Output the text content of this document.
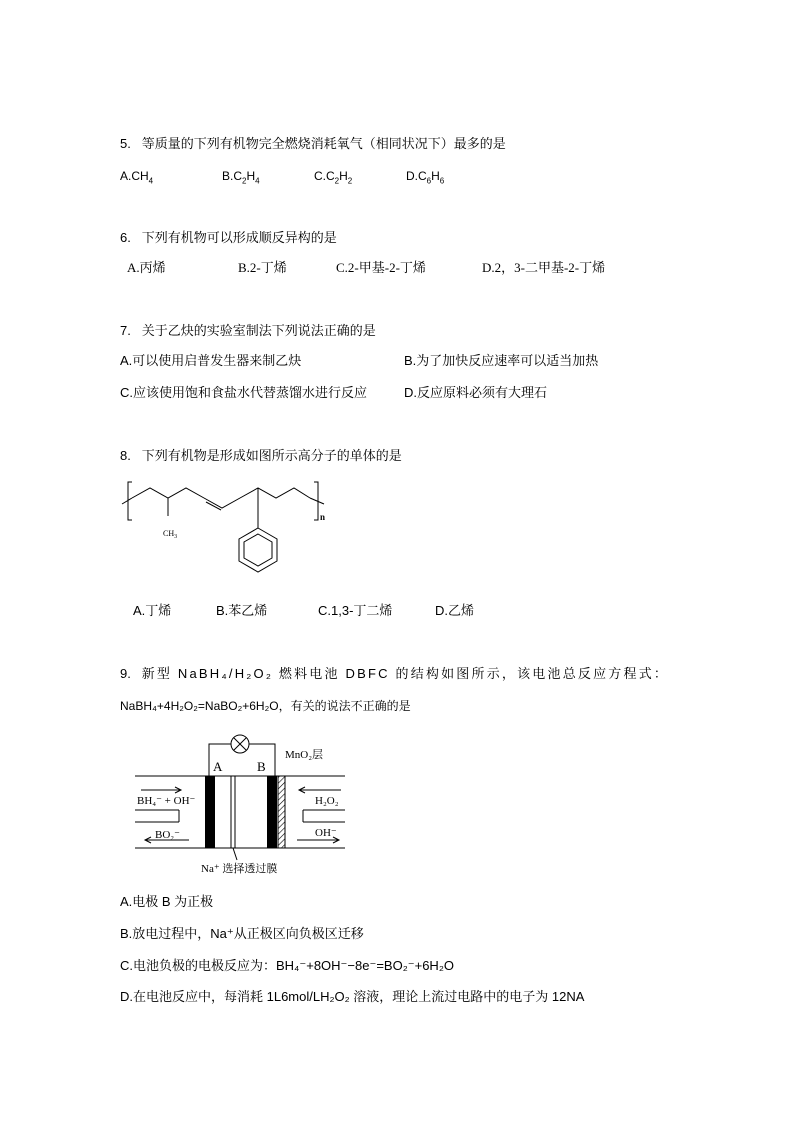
5. 等质量的下列有机物完全燃烧消耗氧气（相同状况下）最多的是
$A.CH_4$	$B.C_2H_4$	$C.C_2H_2$	$D.C_6H_6$
6. 下列有机物可以形成顺反异构的是
A.丙烯	B.2-丁烯	C.2-甲基-2-丁烯	D.2，3-二甲基-2-丁烯
7. 关于乙炔的实验室制法下列说法正确的是
A.可以使用启普发生器来制乙炔	B.为了加快反应速率可以适当加热
C.应该使用饱和食盐水代替蒸馏水进行反应	D.反应原料必须有大理石
8. 下列有机物是形成如图所示高分子的单体的是
$CH_3$
n
A.丁烯	B.苯乙烯	C.1,3-丁二烯	D.乙烯
9. 新型 NaBH₄/H₂O₂ 燃料电池 DBFC 的结构如图所示，该电池总反应方程式：
NaBH₄+4H₂O₂=NaBO₂+6H₂O，有关的说法不正确的是
A	B
MnO₂层
BH₄⁻ + OH⁻
BO₂⁻
H₂O₂
OH⁻
Na⁺ 选择透过膜
A.电极 B 为正极
B.放电过程中，Na⁺从正极区向负极区迁移
C.电池负极的电极反应为：BH₄⁻+8OH⁻−8e⁻=BO₂⁻+6H₂O
D.在电池反应中，每消耗 1L6mol/LH₂O₂ 溶液，理论上流过电路中的电子为 12NA
